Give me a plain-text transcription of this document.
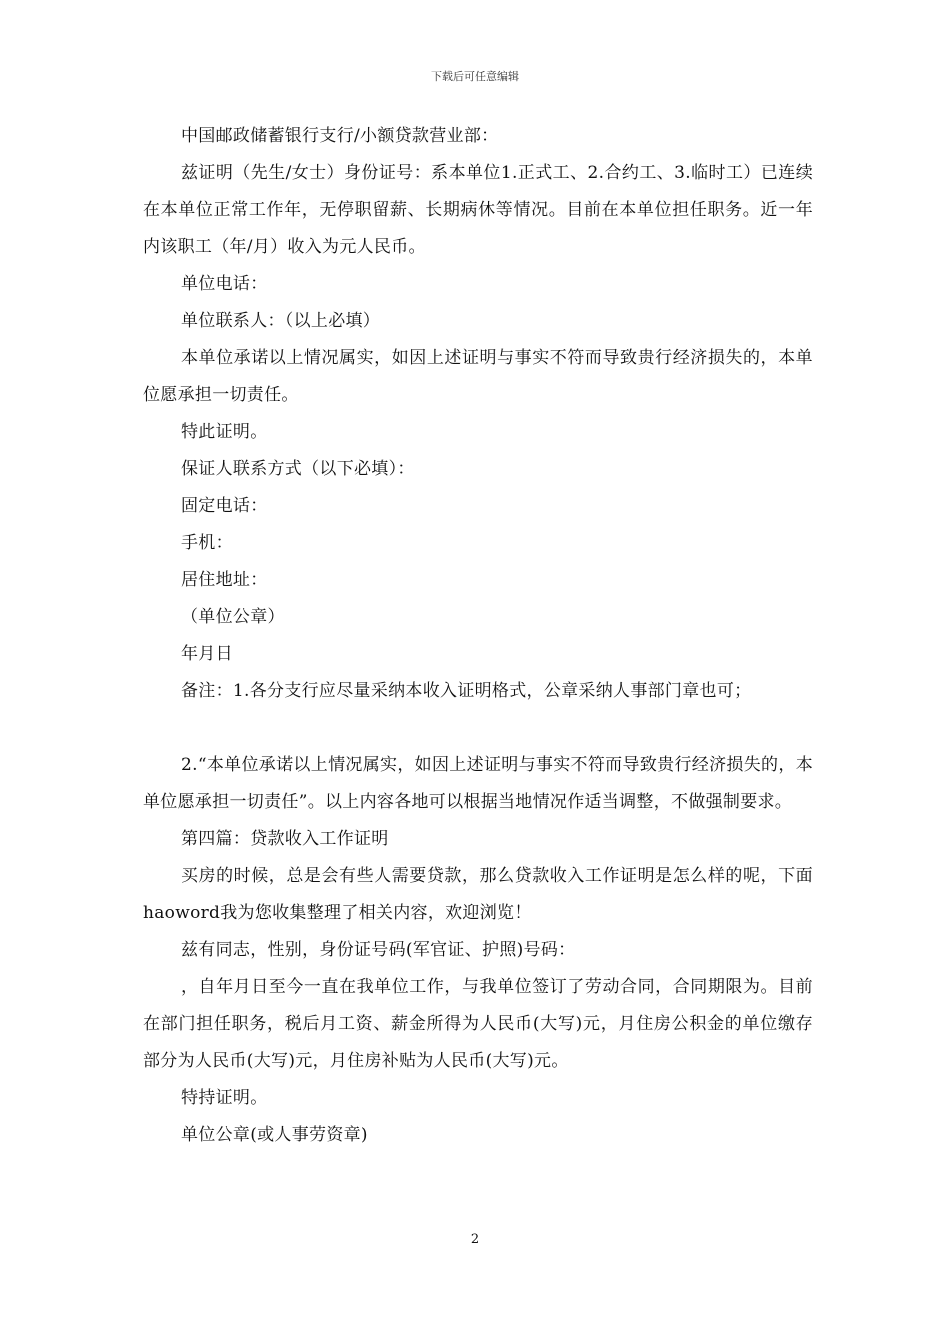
下载后可任意编辑

中国邮政储蓄银行支行/小额贷款营业部：

兹证明（先生/女士）身份证号：系本单位1.正式工、2.合约工、3.临时工）已连续在本单位正常工作年，无停职留薪、长期病休等情况。目前在本单位担任职务。近一年内该职工（年/月）收入为元人民币。

单位电话：

单位联系人：（以上必填）

本单位承诺以上情况属实，如因上述证明与事实不符而导致贵行经济损失的，本单位愿承担一切责任。

特此证明。

保证人联系方式（以下必填）：

固定电话：

手机：

居住地址：

（单位公章）

年月日

备注：1.各分支行应尽量采纳本收入证明格式，公章采纳人事部门章也可；

2.“本单位承诺以上情况属实，如因上述证明与事实不符而导致贵行经济损失的，本单位愿承担一切责任”。以上内容各地可以根据当地情况作适当调整，不做强制要求。

第四篇：贷款收入工作证明

买房的时候，总是会有些人需要贷款，那么贷款收入工作证明是怎么样的呢，下面haoword我为您收集整理了相关内容，欢迎浏览！

兹有同志，性别，身份证号码(军官证、护照)号码：

，自年月日至今一直在我单位工作，与我单位签订了劳动合同，合同期限为。目前在部门担任职务，税后月工资、薪金所得为人民币(大写)元，月住房公积金的单位缴存部分为人民币(大写)元，月住房补贴为人民币(大写)元。

特持证明。

单位公章(或人事劳资章)

2
